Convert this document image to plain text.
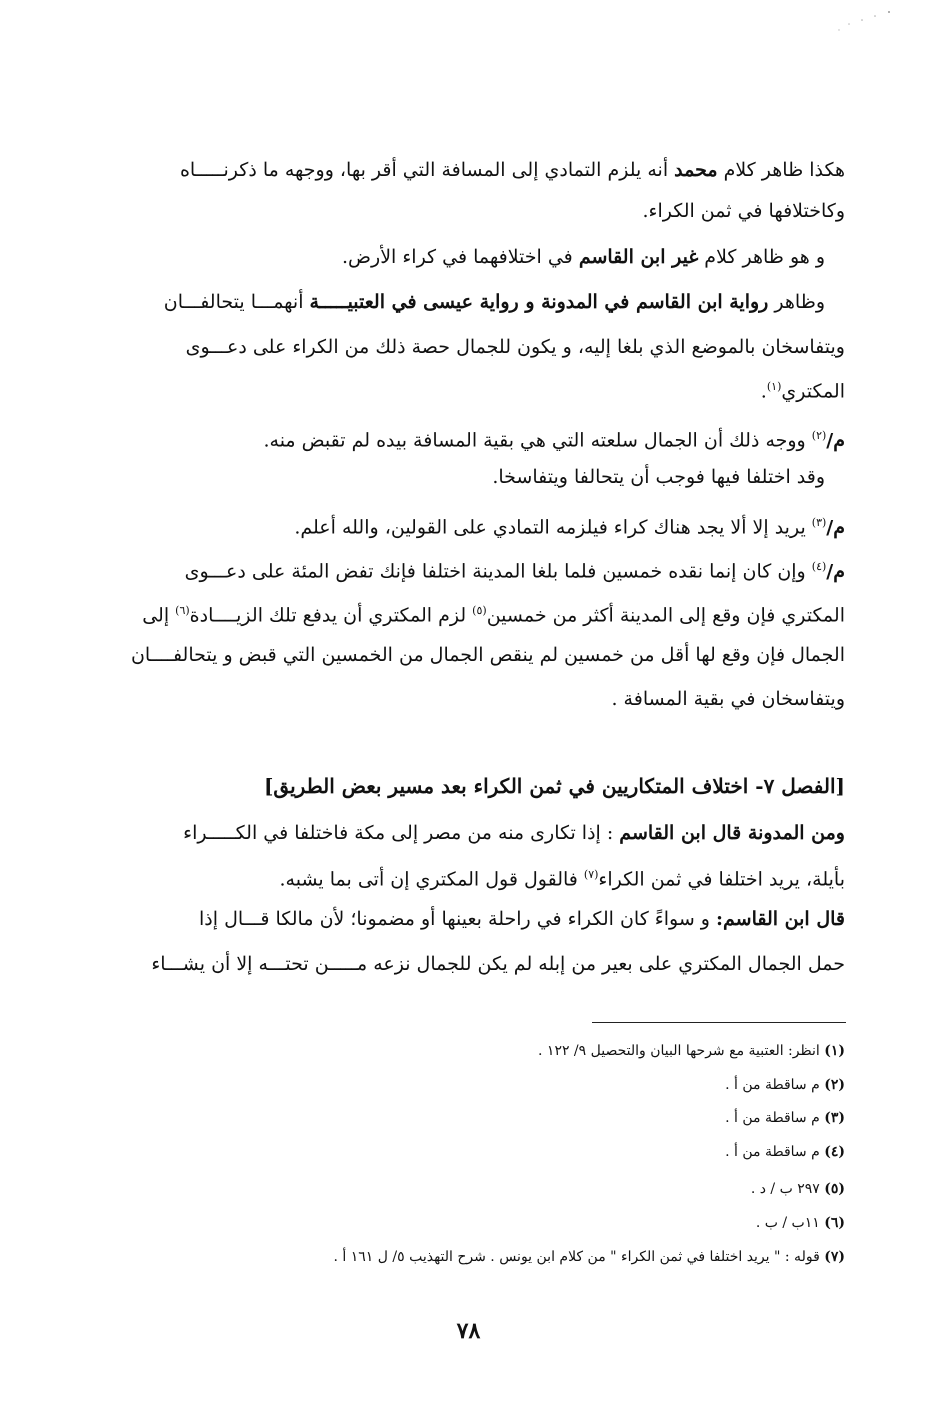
هكذا ظاهر كلام محمد أنه يلزم التمادي إلى المسافة التي أقر بها، ووجهه ما ذكرنـــــاه
وكاختلافها في ثمن الكراء.
و هو ظاهر كلام غير ابن القاسم في اختلافهما في كراء الأرض.
وظاهر رواية ابن القاسم في المدونة و رواية عيسى في العتبيـــــة أنهمـــا يتحالفـــان
ويتفاسخان بالموضع الذي بلغا إليه، و يكون للجمال حصة ذلك من الكراء على دعـــوى
المكتري$^{(١)}$.
م/$^{(٢)}$ ووجه ذلك أن الجمال سلعته التي هي بقية المسافة بيده لم تقبض منه.
وقد اختلفا فيها فوجب أن يتحالفا ويتفاسخا.
م/$^{(٣)}$ يريد إلا ألا يجد هناك كراء فيلزمه التمادي على القولين، والله أعلم.
م/$^{(٤)}$ وإن كان إنما نقده خمسين فلما بلغا المدينة اختلفا فإنك تفض المئة على دعـــوى
المكتري فإن وقع إلى المدينة أكثر من خمسين$^{(٥)}$ لزم المكتري أن يدفع تلك الزيــــادة$^{(٦)}$ إلى
الجمال فإن وقع لها أقل من خمسين لم ينقص الجمال من الخمسين التي قبض و يتحالفــــان
ويتفاسخان في بقية المسافة .
[الفصل ٧- اختلاف المتكاريين في ثمن الكراء بعد مسير بعض الطريق]
ومن المدونة قال ابن القاسم : إذا تكارى منه من مصر إلى مكة فاختلفا في الكـــــراء
بأيلة، يريد اختلفا في ثمن الكراء$^{(٧)}$ فالقول قول المكتري إن أتى بما يشبه.
قال ابن القاسم: و سواءً كان الكراء في راحلة بعينها أو مضمونا؛ لأن مالكا قـــال إذا
حمل الجمال المكتري على بعير من إبله لم يكن للجمال نزعه مـــــن تحتـــه إلا أن يشـــاء
(١) انظر: العتبية مع شرحها البيان والتحصيل ٩/ ١٢٢ .
(٢) م ساقطة من أ .
(٣) م ساقطة من أ .
(٤) م ساقطة من أ .
(٥) ٢٩٧ ب / د .
(٦) ١١ب / ب .
(٧) قوله : " يريد اختلفا في ثمن الكراء " من كلام ابن يونس . شرح التهذيب ٥/ ل ١٦١ أ .
٧٨
